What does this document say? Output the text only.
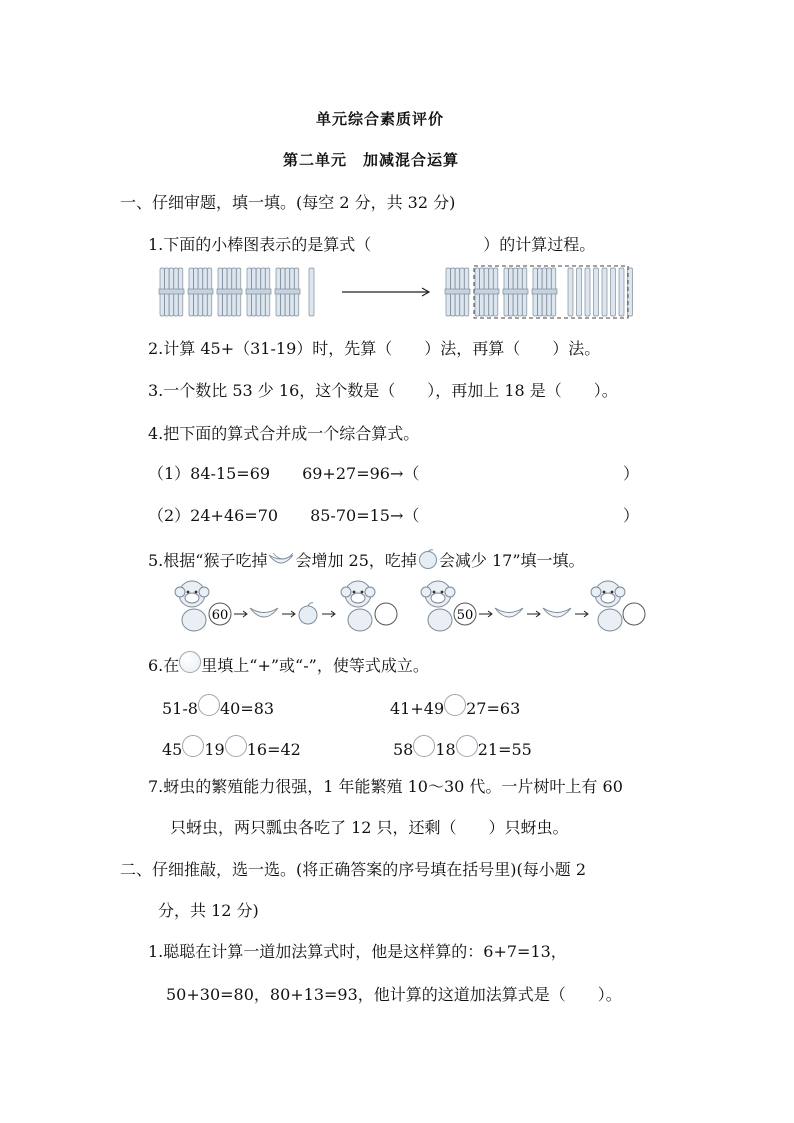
单元综合素质评价
第二单元　加减混合运算
一、仔细审题，填一填。(每空 2 分，共 32 分)
1.下面的小棒图表示的是算式（　　　　　　　）的计算过程。
2.计算 45+（31-19）时，先算（　　）法，再算（　　）法。
3.一个数比 53 少 16，这个数是（　　），再加上 18 是（　　）。
4.把下面的算式合并成一个综合算式。
（1）84-15=69　　69+27=96→（	）
（2）24+46=70　　85-70=15→（	）
5.根据“猴子吃掉 会增加 25，吃掉 会减少 17”填一填。
60	50
6.在 里填上“+”或“-”，使等式成立。
51-8 40=83	41+49 27=63
45 19 16=42	58 18 21=55
7.蚜虫的繁殖能力很强，1 年能繁殖 10～30 代。一片树叶上有 60
只蚜虫，两只瓢虫各吃了 12 只，还剩（　　）只蚜虫。
二、仔细推敲，选一选。(将正确答案的序号填在括号里)(每小题 2
分，共 12 分)
1.聪聪在计算一道加法算式时，他是这样算的：6+7=13，
50+30=80，80+13=93，他计算的这道加法算式是（　　）。
